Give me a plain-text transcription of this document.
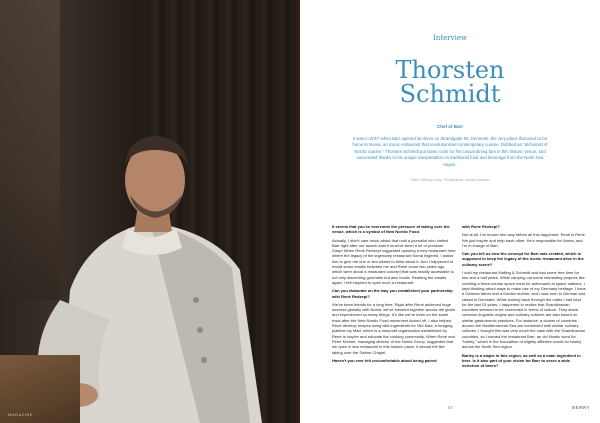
MAGAZINE
Interview
Thorsten
Schmidt
Chef of Barr
It was in 2017 when Barr opened its doors on Strandgade 93, Denmark, the very place that used to be home to Noma, an iconic restaurant that revolutionized contemporary cuisine. Dubbed an "alchemist of Nordic cuisine," Thorsten Schmidt put down roots for his casual dining fare in this historic venue, and succeeded thanks to his unique interpretation on traditional food and beverage from the North Sea region.
Editor: Seeong Leong · Photographer: Andrea Giordano

It seems that you've overcome the pressure of taking over the venue, which is a symbol of New Nordic Food.

Actually, I didn't care much about that until a journalist who visited Barr right after our launch said it must've been a lot of pressure. Gasp! When René Redzepi suggested opening a new restaurant here where the legacy of the legendary restaurant Noma lingered, I asked him to give me one or two weeks to think about it. And I happened to revisit some emails between me and René some two years ago, which were about a restaurant concept that was readily accessible to not only discerning gourmets but also locals. Reading the emails again, I felt inspired to open such a restaurant.

Can you elaborate on the way you established your partnership with René Redzepi?

We've been friends for a long time. Right after René achieved huge success globally with Noma, we've traveled together across the globe and experienced so many things. It's like we've been on the same track after the New Nordic Food movement kicked off. I also helped René develop recipes using wild ingredients for Vild Mad, a foraging platform by Mad, which is a nonprofit organization established by René to inspire and educate the cooking community. When René and Peter Kreiner, managing director of the Noma Group, suggested that we open a new restaurant in this historic place, it almost felt like taking over the Sistine Chapel.

Haven't you ever felt uncomfortable about being paired

with René Redzepi?

Not at all. I've known him way before all this happened. René is René. We just inspire and help each other. He's responsible for Noma, and I'm in charge of Barr.

Can you tell us how the concept for Barr was created, which is supposed to keep the legacy of the iconic restaurant alive in the culinary scene?

I sold my restaurant Malling & Schmidt and had some free time for two and a half years. While carrying out some interesting projects like creating a three-course space meal for astronauts at space stations, I kept thinking about ways to make use of my Germany heritage. I have a German father and a Danish mother, and I was born in German and raised in Denmark. While looking back through the notes I had kept for the last 15 years, I happened to realize that Scandinavian countries seemed to be connected in terms of culture. They share common linguistic origins and culinary cultures are also based on similar gastronomic practices. For instance, a cluster of countries around the Mediterranean Sea are connected with similar culinary cultures. I thought this was very much the case with the Scandinavian countries, so I named the restaurant Barr, an old Nordic word for "barley," which is the foundation of slightly different words for barley across the North Sea region.

Barley is a staple in this region, as well as a main ingredient in beer. Is it also part of your vision for Barr to serve a wide selection of beers?

67	BERRY
